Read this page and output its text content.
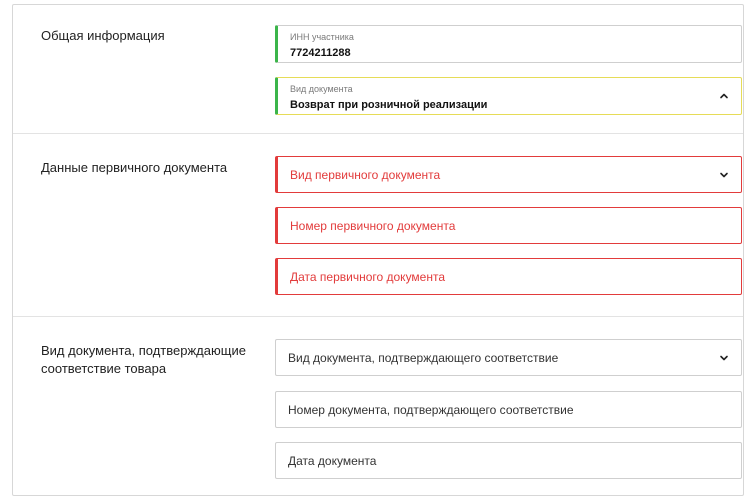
Общая информация	ИНН участника
7724211288
Вид документа
Возврат при розничной реализации
Данные первичного документа	Вид первичного документа
Номер первичного документа
Дата первичного документа
Вид документа, подтверждающие
соответствие товара
Вид документа, подтверждающего соответствие
Номер документа, подтверждающего соответствие
Дата документа
